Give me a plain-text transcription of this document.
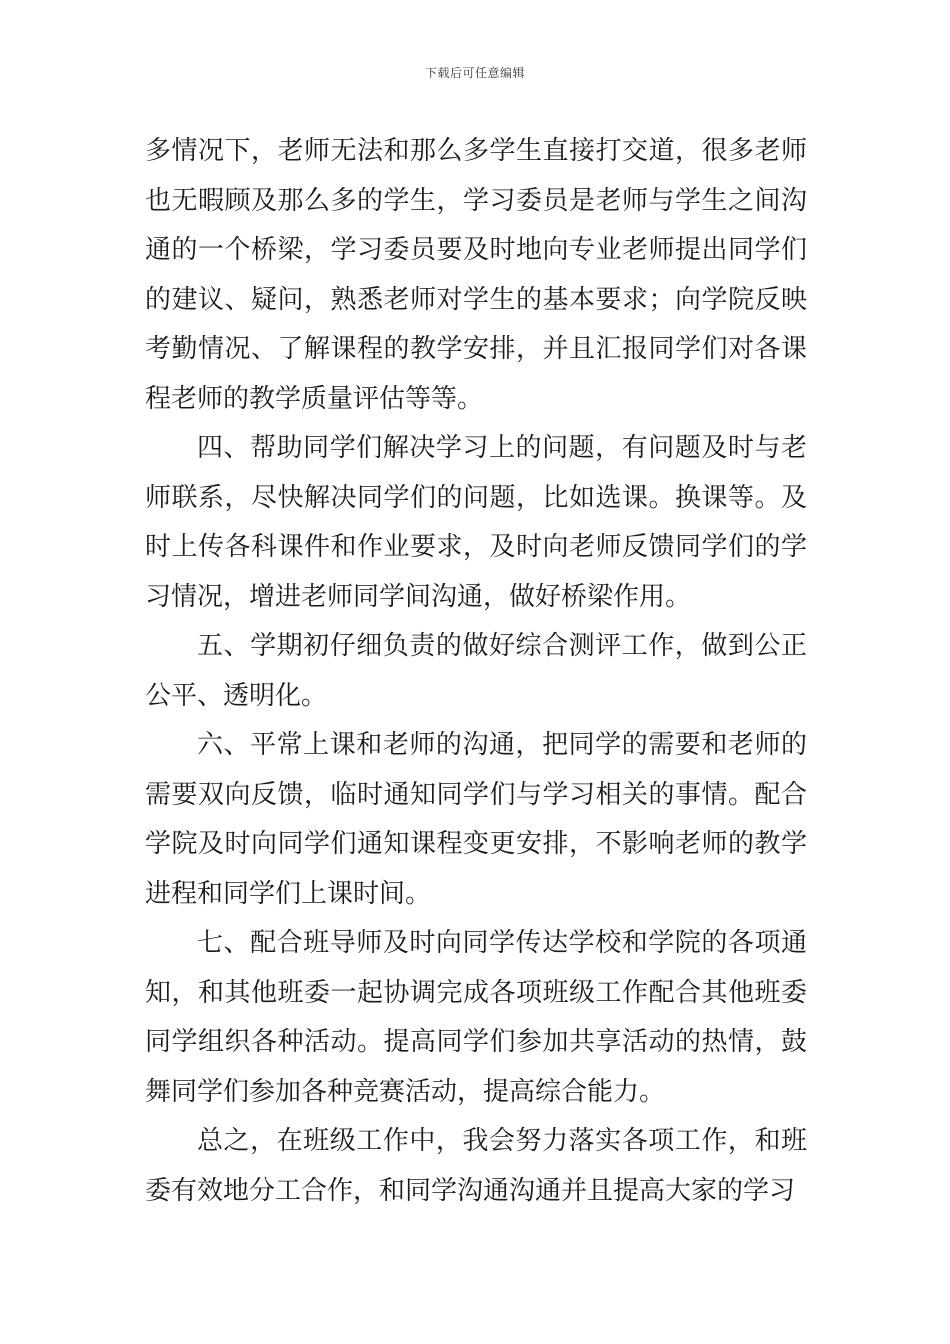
下载后可任意编辑

多情况下，老师无法和那么多学生直接打交道，很多老师也无暇顾及那么多的学生，学习委员是老师与学生之间沟通的一个桥梁，学习委员要及时地向专业老师提出同学们的建议、疑问，熟悉老师对学生的基本要求；向学院反映考勤情况、了解课程的教学安排，并且汇报同学们对各课程老师的教学质量评估等等。

四、帮助同学们解决学习上的问题，有问题及时与老师联系，尽快解决同学们的问题，比如选课。换课等。及时上传各科课件和作业要求，及时向老师反馈同学们的学习情况，增进老师同学间沟通，做好桥梁作用。

五、学期初仔细负责的做好综合测评工作，做到公正公平、透明化。

六、平常上课和老师的沟通，把同学的需要和老师的需要双向反馈，临时通知同学们与学习相关的事情。配合学院及时向同学们通知课程变更安排，不影响老师的教学进程和同学们上课时间。

七、配合班导师及时向同学传达学校和学院的各项通知，和其他班委一起协调完成各项班级工作配合其他班委同学组织各种活动。提高同学们参加共享活动的热情，鼓舞同学们参加各种竞赛活动，提高综合能力。

总之，在班级工作中，我会努力落实各项工作，和班委有效地分工合作，和同学沟通沟通并且提高大家的学习
